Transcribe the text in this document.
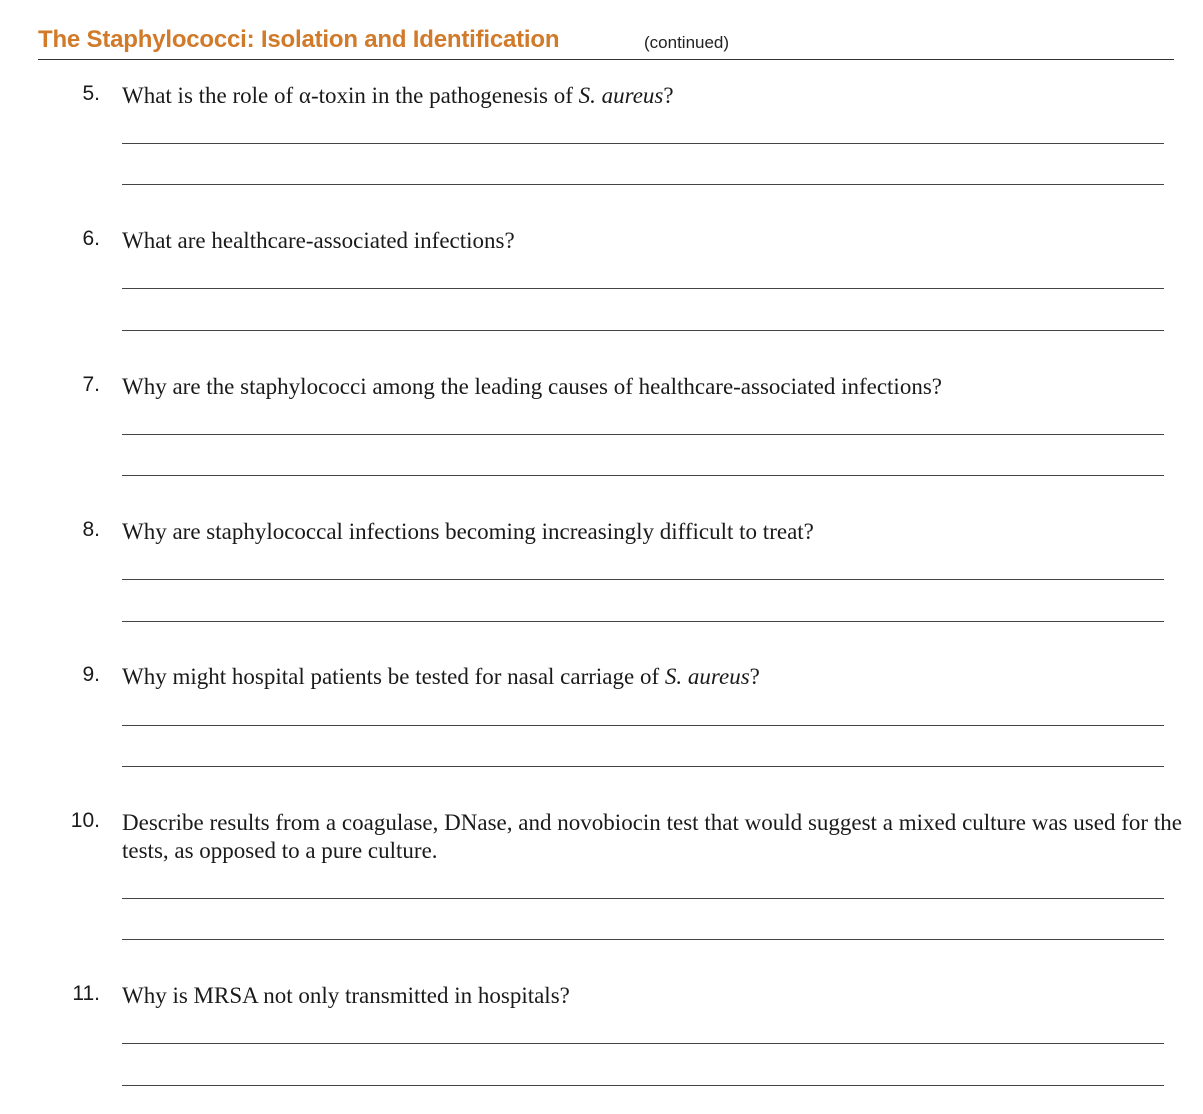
The Staphylococci: Isolation and Identification	(continued)
5. What is the role of α-toxin in the pathogenesis of S. aureus?
6. What are healthcare-associated infections?
7. Why are the staphylococci among the leading causes of healthcare-associated infections?
8. Why are staphylococcal infections becoming increasingly difficult to treat?
9. Why might hospital patients be tested for nasal carriage of S. aureus?
10. Describe results from a coagulase, DNase, and novobiocin test that would suggest a mixed culture was used for the tests, as opposed to a pure culture.
11. Why is MRSA not only transmitted in hospitals?
